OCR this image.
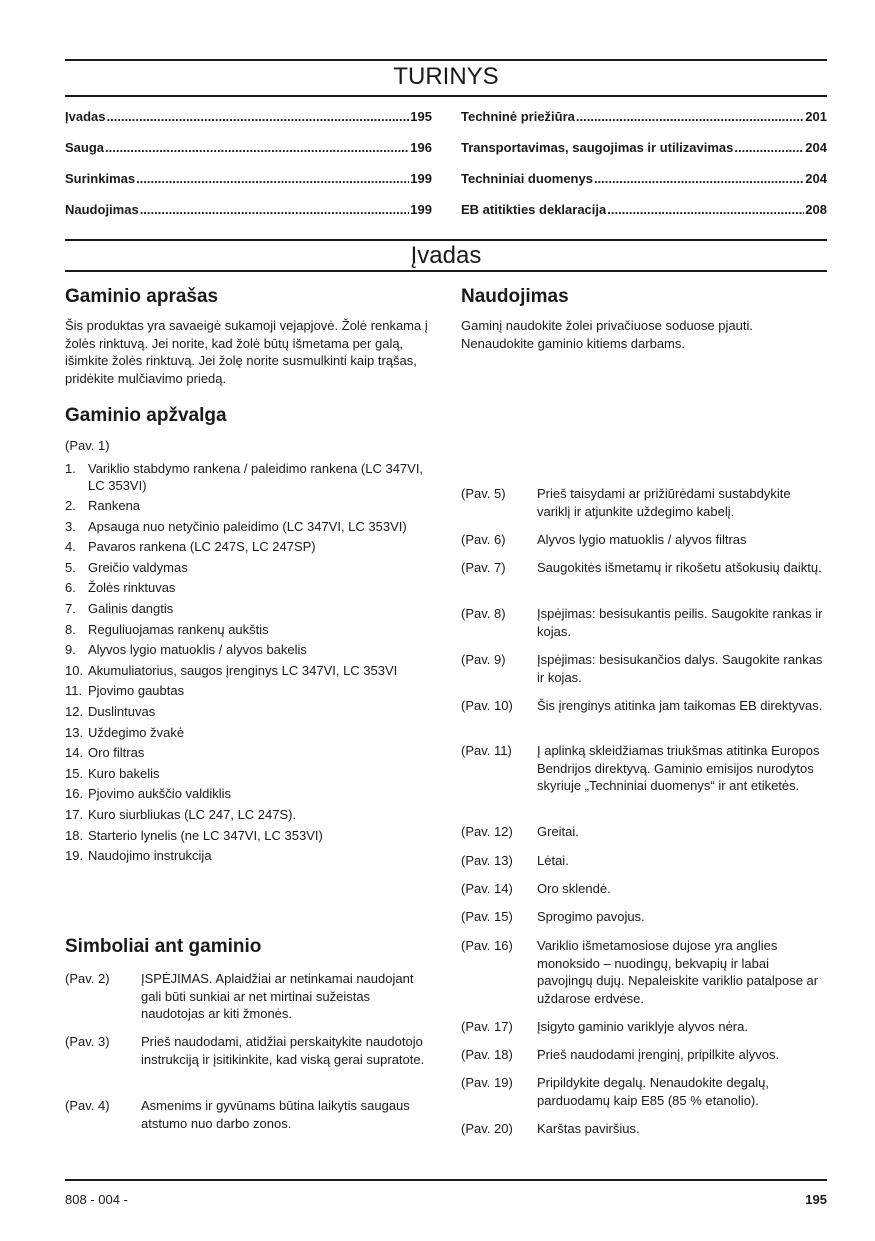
TURINYS
Įvadas .....	195
Sauga .....	196
Surinkimas .....	199
Naudojimas .....	199
Techninė priežiūra .....	201
Transportavimas, saugojimas ir utilizavimas .....	204
Techniniai duomenys .....	204
EB atitikties deklaracija .....	208
Įvadas
Gaminio aprašas

Šis produktas yra savaeigė sukamoji vejapjovė. Žolė renkama į žolės rinktuvą. Jei norite, kad žolė būtų išmetama per galą, išimkite žolės rinktuvą. Jei žolę norite susmulkinti kaip trąšas, pridėkite mulčiavimo priedą.

Gaminio apžvalga

(Pav. 1)

1. Variklio stabdymo rankena / paleidimo rankena (LC 347VI, LC 353VI)
2. Rankena
3. Apsauga nuo netyčinio paleidimo (LC 347VI, LC 353VI)
4. Pavaros rankena (LC 247S, LC 247SP)
5. Greičio valdymas
6. Žolės rinktuvas
7. Galinis dangtis
8. Reguliuojamas rankenų aukštis
9. Alyvos lygio matuoklis / alyvos bakelis
10. Akumuliatorius, saugos įrenginys LC 347VI, LC 353VI
11. Pjovimo gaubtas
12. Duslintuvas
13. Uždegimo žvakė
14. Oro filtras
15. Kuro bakelis
16. Pjovimo aukščio valdiklis
17. Kuro siurbliukas (LC 247, LC 247S).
18. Starterio lynelis (ne LC 347VI, LC 353VI)
19. Naudojimo instrukcija
Simboliai ant gaminio
(Pav. 2)	ĮSPĖJIMAS. Aplaidžiai ar netinkamai naudojant gali būti sunkiai ar net mirtinai sužeistas naudotojas ar kiti žmonės.
(Pav. 3)	Prieš naudodami, atidžiai perskaitykite naudotojo instrukciją ir įsitikinkite, kad viską gerai supratote.
(Pav. 4)	Asmenims ir gyvūnams būtina laikytis saugaus atstumo nuo darbo zonos.
Naudojimas

Gaminį naudokite žolei privačiuose soduose pjauti. Nenaudokite gaminio kitiems darbams.

(Pav. 5)	Prieš taisydami ar prižiūrėdami sustabdykite variklį ir atjunkite uždegimo kabelį.
(Pav. 6)	Alyvos lygio matuoklis / alyvos filtras
(Pav. 7)	Saugokitės išmetamų ir rikošetu atšokusių daiktų.
(Pav. 8)	Įspėjimas: besisukantis peilis. Saugokite rankas ir kojas.
(Pav. 9)	Įspėjimas: besisukančios dalys. Saugokite rankas ir kojas.
(Pav. 10)	Šis įrenginys atitinka jam taikomas EB direktyvas.
(Pav. 11)	Į aplinką skleidžiamas triukšmas atitinka Europos Bendrijos direktyvą. Gaminio emisijos nurodytos skyriuje „Techniniai duomenys“ ir ant etiketės.
(Pav. 12)	Greitai.
(Pav. 13)	Lėtai.
(Pav. 14)	Oro sklendė.
(Pav. 15)	Sprogimo pavojus.
(Pav. 16)	Variklio išmetamosiose dujose yra anglies monoksido – nuodingų, bekvapių ir labai pavojingų dujų. Nepaleiskite variklio patalpose ar uždarose erdvėse.
(Pav. 17)	Įsigyto gaminio variklyje alyvos nėra.
(Pav. 18)	Prieš naudodami įrenginį, pripilkite alyvos.
(Pav. 19)	Pripildykite degalų. Nenaudokite degalų, parduodamų kaip E85 (85 % etanolio).
(Pav. 20)	Karštas paviršius.
808 - 004 -	195
